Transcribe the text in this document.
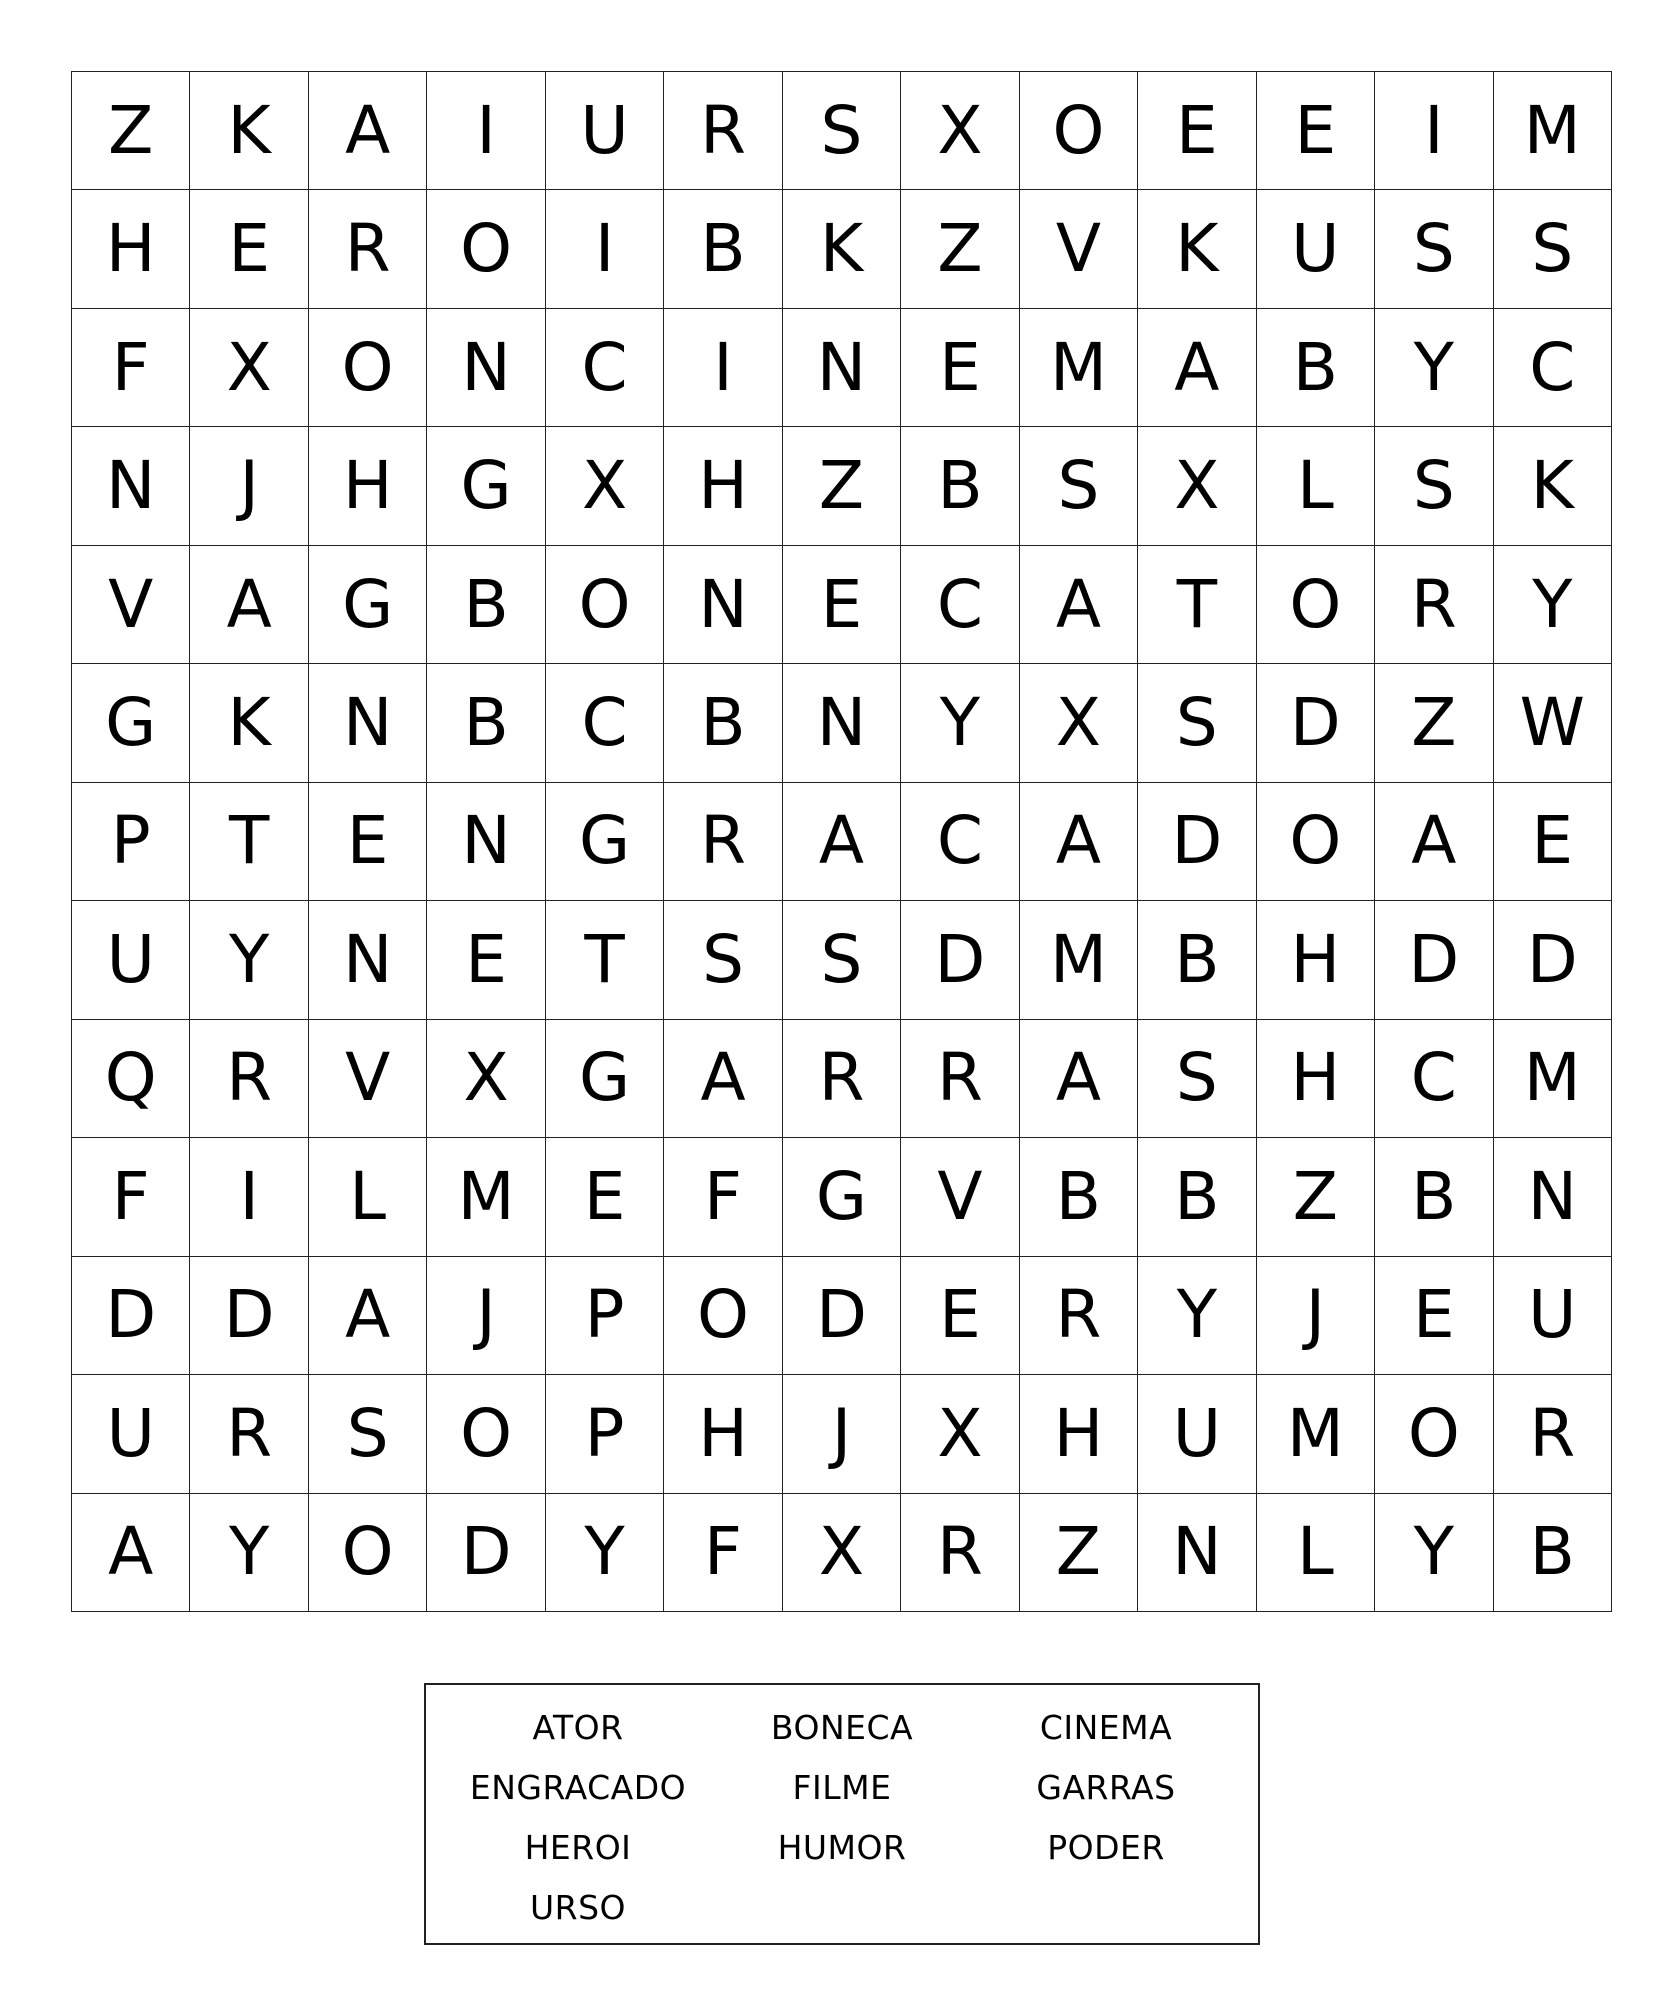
Z	K	A	I	U	R	S	X	O	E	E	I	M
H	E	R	O	I	B	K	Z	V	K	U	S	S
F	X	O	N	C	I	N	E	M	A	B	Y	C
N	J	H	G	X	H	Z	B	S	X	L	S	K
V	A	G	B	O	N	E	C	A	T	O	R	Y
G	K	N	B	C	B	N	Y	X	S	D	Z W
P	T	E	N	G	R	A	C	A	D	O	A	E
U	Y	N	E	T	S	S	D M	B	H	D	D
Q	R	V	X	G	A	R	R	A	S	H	C	M
F	I	L	M	E	F	G	V	B	B	Z	B	N
D	D	A	J	P	O	D	E	R	Y	J	E	U
U	R	S	O	P	H	J	X	H	U M O	R
A	Y	O	D	Y	F	X	R	Z	N	L	Y	B
ATOR	BONECA	CINEMA
ENGRACADO	FILME	GARRAS
HEROI	HUMOR	PODER
URSO
